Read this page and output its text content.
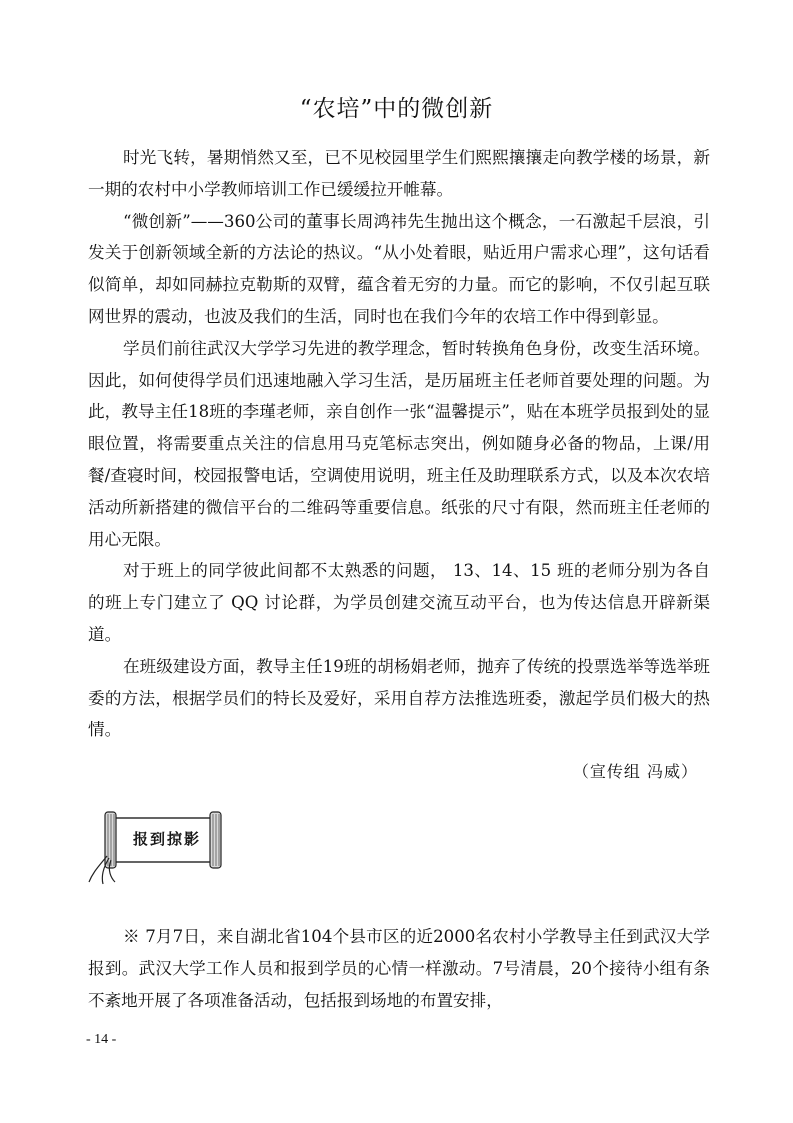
“农培”中的微创新

时光飞转，暑期悄然又至，已不见校园里学生们熙熙攘攘走向教学楼的场景，新一期的农村中小学教师培训工作已缓缓拉开帷幕。

“微创新”——360公司的董事长周鸿祎先生抛出这个概念，一石激起千层浪，引发关于创新领域全新的方法论的热议。“从小处着眼，贴近用户需求心理”，这句话看似简单，却如同赫拉克勒斯的双臂，蕴含着无穷的力量。而它的影响，不仅引起互联网世界的震动，也波及我们的生活，同时也在我们今年的农培工作中得到彰显。

学员们前往武汉大学学习先进的教学理念，暂时转换角色身份，改变生活环境。因此，如何使得学员们迅速地融入学习生活，是历届班主任老师首要处理的问题。为此，教导主任18班的李瑾老师，亲自创作一张“温馨提示”，贴在本班学员报到处的显眼位置，将需要重点关注的信息用马克笔标志突出，例如随身必备的物品，上课/用餐/查寝时间，校园报警电话，空调使用说明，班主任及助理联系方式，以及本次农培活动所新搭建的微信平台的二维码等重要信息。纸张的尺寸有限，然而班主任老师的用心无限。

对于班上的同学彼此间都不太熟悉的问题， 13、14、15 班的老师分别为各自的班上专门建立了 QQ 讨论群，为学员创建交流互动平台，也为传达信息开辟新渠道。

在班级建设方面，教导主任19班的胡杨娟老师，抛弃了传统的投票选举等选举班委的方法，根据学员们的特长及爱好，采用自荐方法推选班委，激起学员们极大的热情。

（宣传组 冯威）
报到掠影

※ 7月7日，来自湖北省104个县市区的近2000名农村小学教导主任到武汉大学报到。武汉大学工作人员和报到学员的心情一样激动。7号清晨，20个接待小组有条不紊地开展了各项准备活动，包括报到场地的布置安排，

- 14 -
